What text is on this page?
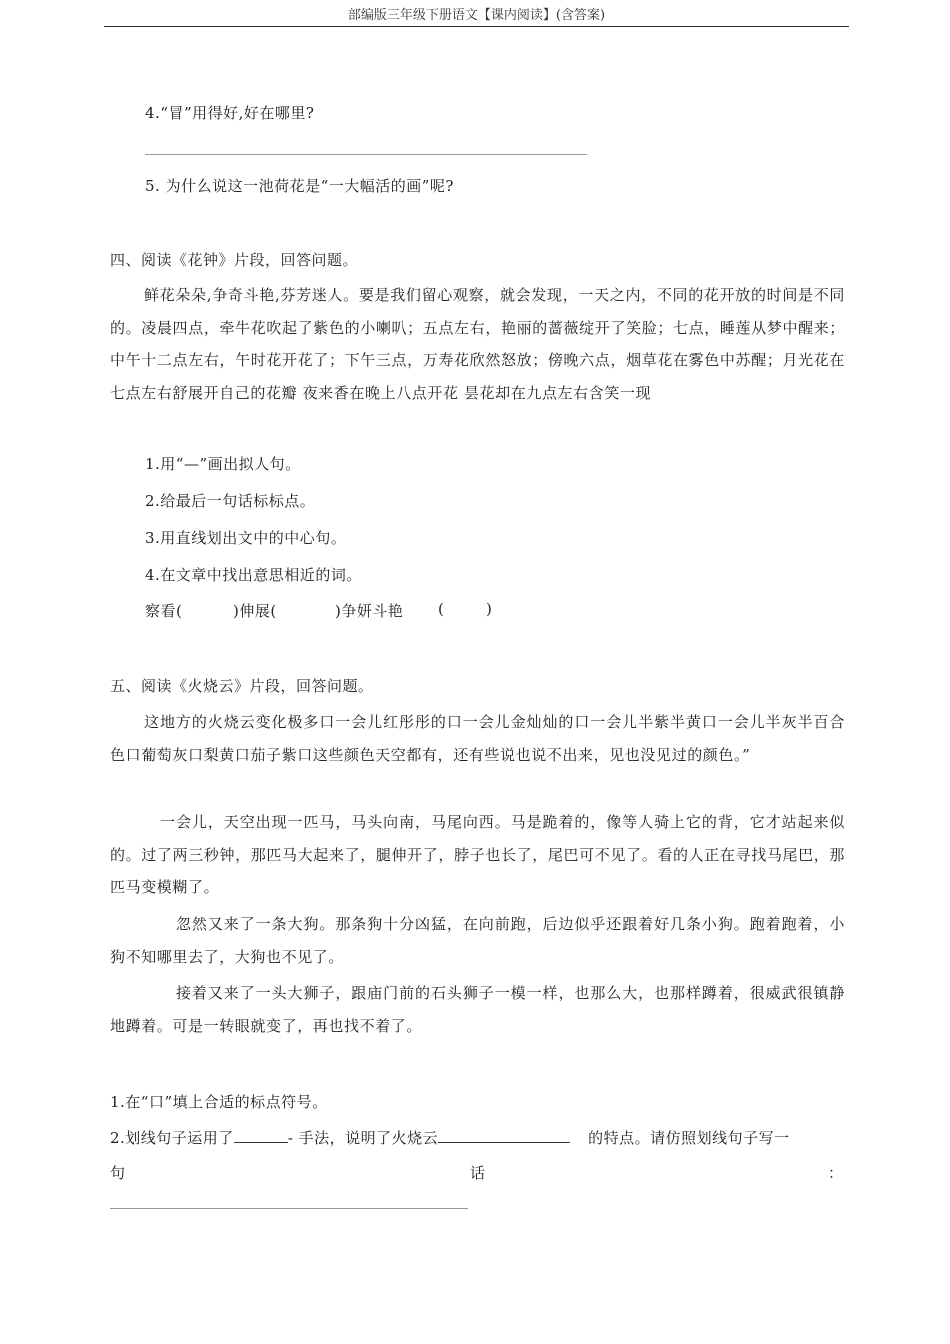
部编版三年级下册语文【课内阅读】(含答案)
4.“冒”用得好,好在哪里?
5. 为什么说这一池荷花是“一大幅活的画”呢?
四、阅读《花钟》片段，回答问题。
鲜花朵朵,争奇斗艳,芬芳迷人。要是我们留心观察，就会发现，一天之内，不同的花开放的时间是不同的。凌晨四点，牵牛花吹起了紫色的小喇叭；五点左右，艳丽的蔷薇绽开了笑脸；七点，睡莲从梦中醒来；中午十二点左右，午时花开花了；下午三点，万寿花欣然怒放；傍晚六点，烟草花在雾色中苏醒；月光花在七点左右舒展开自己的花瓣 夜来香在晚上八点开花 昙花却在九点左右含笑一现
1.用“—”画出拟人句。
2.给最后一句话标标点。
3.用直线划出文中的中心句。
4.在文章中找出意思相近的词。
察看(	)伸展(	)争妍斗艳 (	)
五、阅读《火烧云》片段，回答问题。
这地方的火烧云变化极多口一会儿红彤彤的口一会儿金灿灿的口一会儿半紫半黄口一会儿半灰半百合色口葡萄灰口梨黄口茄子紫口这些颜色天空都有，还有些说也说不出来，见也没见过的颜色。”
一会儿，天空出现一匹马，马头向南，马尾向西。马是跪着的，像等人骑上它的背，它才站起来似的。过了两三秒钟，那匹马大起来了，腿伸开了，脖子也长了，尾巴可不见了。看的人正在寻找马尾巴，那匹马变模糊了。
忽然又来了一条大狗。那条狗十分凶猛，在向前跑，后边似乎还跟着好几条小狗。跑着跑着，小狗不知哪里去了，大狗也不见了。
接着又来了一头大狮子，跟庙门前的石头狮子一模一样，也那么大，也那样蹲着，很威武很镇静地蹲着。可是一转眼就变了，再也找不着了。
1.在“口”填上合适的标点符号。
2.划线句子运用了	- 手法，说明了火烧云	的特点。请仿照划线句子写一
句	话	：
